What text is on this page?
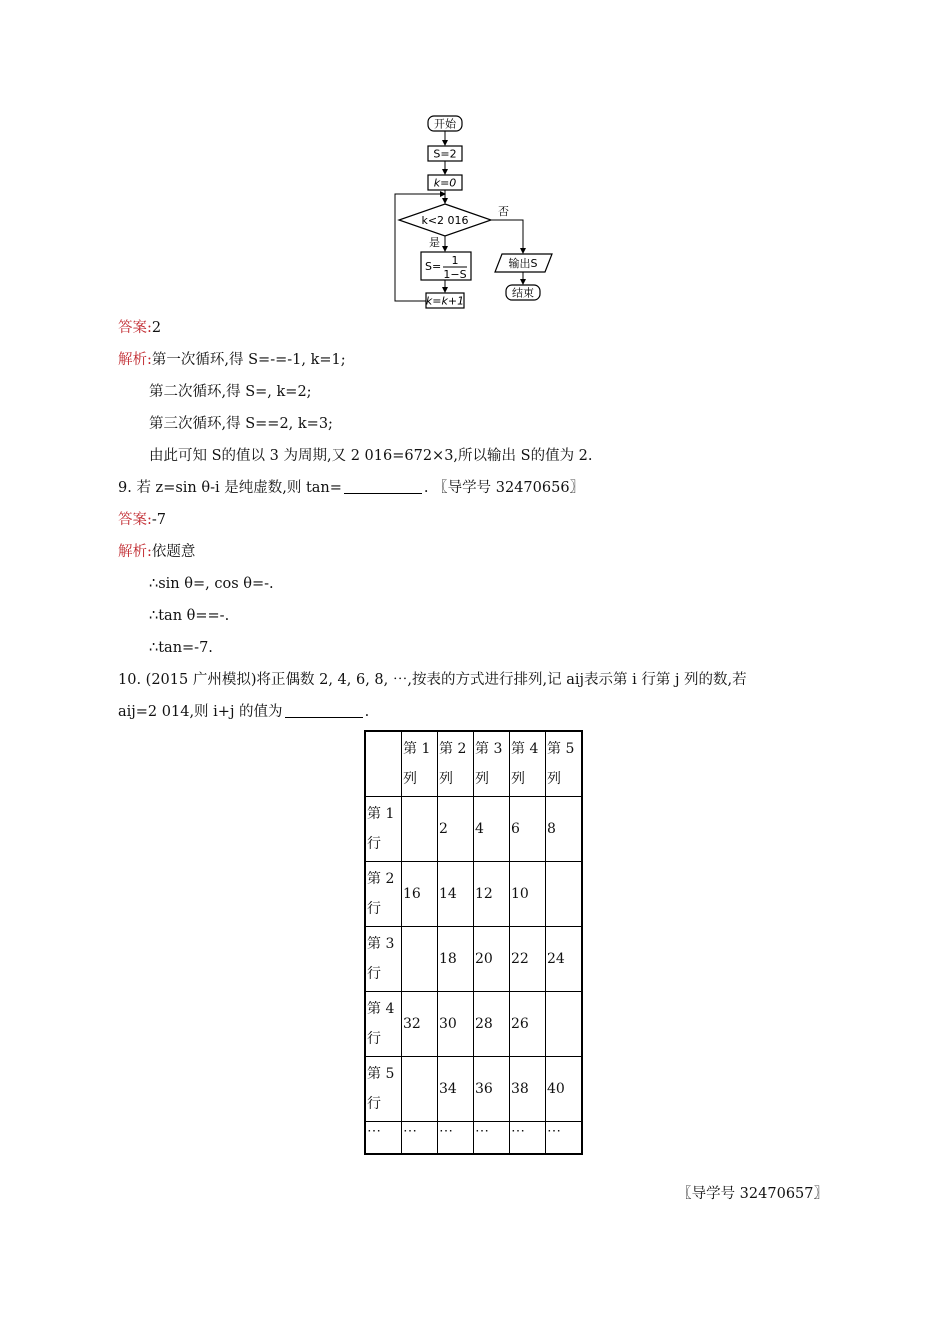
开始
S=2
k=0
k<2 016
否
是
S= 1
1−S
k=k+1
输出S
结束
答案:2
解析:第一次循环,得 S=-=-1, k=1;
第二次循环,得 S=, k=2;
第三次循环,得 S==2, k=3;
由此可知 S的值以 3 为周期,又 2 016=672×3,所以输出 S的值为 2.
9. 若 z=sin θ-i 是纯虚数,则 tan=	. 〖导学号 32470656〗
答案:-7
解析:依题意
∴sin θ=, cos θ=-.
∴tan θ==-.
∴tan=-7.
10. (2015 广州模拟)将正偶数 2, 4, 6, 8, ⋯,按表的方式进行排列,记 aij表示第 i 行第 j 列的数,若
aij=2 014,则 i+j 的值为	.

	第 1
列	第 2
列	第 3
列	第 4
列	第 5
列

第 1
行		2	4	6	8

第 2
行	16	14	12	10	

第 3
行		18	20	22	24

第 4
行	32	30	28	26	

第 5
行		34	36	38	40
⋯	⋯	⋯	⋯	⋯	⋯
〖导学号 32470657〗
